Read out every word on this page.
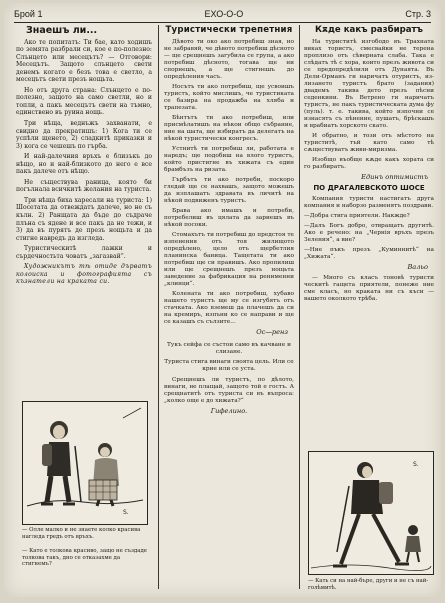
Брой 1	ЕХО-О-О	Стр. 3
Знаешъ ли...

Ако те попитатъ: Ти бае, като ходишъ по земята разбрали си, кое е по-полезно: Слънцето или месецътъ? — Отговори: Месецътъ. Защото слънцето свети денемъ когато е безъ това е светло, а месецътъ свети презъ нощьта.

Но отъ друга страна: Слънцето е по-полезно, защото на само светли, но и топли, а пакъ месецътъ свети на тъмно, единствено въ руина нощь.

Три нѣща, веднъжъ захванати, е свидно да прекратишъ: 1) Кога ти се успѣли щенето, 2) сладкитѣ приказки и 3) кога се чешешъ по гърба.

И най-далечния връхъ е близъкъ до нѣщо, но и най-близкото до него е все пакъ далече отъ нѣщо.

Не съществува раница, която би погълнала всичкитѣ желания на туриста.

Три нѣща биха харесали на туриста: 1) Шосетата да отвеждатъ далече, но не съ кълн. 2) Ранщата да бъде до съдраче плъна съ ядене и все пакъ да не тежи, и 3) да въ пурятъ де презъ нощьта и да стигне навредъ да изгледа.

Туристическитѣ лажки и сърдечностьта човатъ „загазвай“.

Художникътъ тѣ отиде дърватъ колоиска и фотографията съ къзнатели на краката си.

S.
— Олле малко и не знаете колко красива нагледа гредъ отъ връхъ.
— Като е толкова красиво, защо не създаде толкова такъ, дно се отказахме да стигнемъ?
Туристически трепетния

Дѣвото ти око ако потребиш зная, но не забравяй, че дѣвото потребиш дѣсното — ще срещнешъ загубила се група, а ако потребиш дѣсното, тогава ще ни спорнешъ, а ще стигнешъ до опредѣления часъ.

Носътъ ти ако потребиш, ще усвоишъ туристъ, който мислишъ, че туристиката се базира на продажба на хляба и трапезата.

Бѣнтътъ ти ако потребиш, или присмѣлатишъ на нѣкои общо събрание, ние на шата, ще избиратъ да делегатъ на нѣкой туристически конгресъ.

Устнитѣ ти потребиш ли, работата е наредъ; ще подобиш на влого туристъ, който пристигне въ хижата съ един брамбъзъ на ризата.

Гърбътъ ти ако потреби, поскоро гледай ще се нахвашъ, защото можешъ да изплашатъ здравата въ личитѣ на нѣкой подвиженъ туристъ.

Брава ако имашъ и потреби, потребелиш въ цялата да зариешъ въ нѣкой посоки.

Стомахътъ ти потребиш до предстоя те изпенения отъ тоя жилищото опредѣлено, цело отъ щербетлия планинска баница. Тащетата ти ако потребиш ще си правишъ. Ако пропилиш или ще срещнешъ презъ нощьта заведение за фабрикация на ренименни „клинци“.

Колената ти ако потребиш, хубаво нашето туристъ ще му се изгубятъ отъ стачката. Ако вземеш да плачешъ да си на кремиръ, изпъни ко се направи и ще се казашъ съ сълзите...

Ос—ренз

Тукъ сейфа се състои само въ качване и слизане.

Туриста стига винаги своята цель. Или се крие или се уста.

Срещнешъ ли туристъ, по дѣлото, винаги, не плащай, защото той е гостъ. А срещнатитѣ отъ туриста си въ въпроса: „колко още е до хижата?“

Гифелино.
Кѫде какъ разбиратъ

На туриститѣ изгободо въ Трахната виках тористъ, смесвайки не терена проплизо отъ сѣверната слаба. Така е слѣдатъ тѣ с хора, които презъ живота си се предопредѣлили отъ Дунаята. Въ Дели-Орманъ ги наричатъ отуристъ, из-лизането туристъ брато (задания) двадемъ такива дето презъ пѣсни седенкини. Въ Ветрено ги наричатъ туристъ, не пакъ туристическата дума фу (пуль). т. е. такива, който изпочни се изнасятъ съ пѣнение, пушатъ, брѣскашъ и врабиатъ хорското скато.

И обратно, и този отъ мѣстото на туриститѣ, тъй като само тѣ сѫществуватъ живи-миризма.

Изобщо въобще кѫде какъ хората си го разбиратъ.

Единъ оптимистъ
ПО ДРАГАЛЕВСКОТО ШОСЕ

Компания туристи настигатъ друга компания и наборзо разменятъ поздрави.

—Добра стига приятели. Накжде?

—Далъ Богъ добро, отвращатъ другитѣ. Ако е речено: на „Чернія връхъ презъ Зеления“, а вие?

—Ние пъкъ презъ „Куминнитѣ“ на „Хижата“.

Вальо

— Много съ класъ тоновѣ туристи ческитѣ гащета приятели, понеже ние сме класъ, но краката ни съ къси — вашето околкото трѣба.

S.
— Кать си на най-бъре, други и не съ най-голѣмитѣ.
